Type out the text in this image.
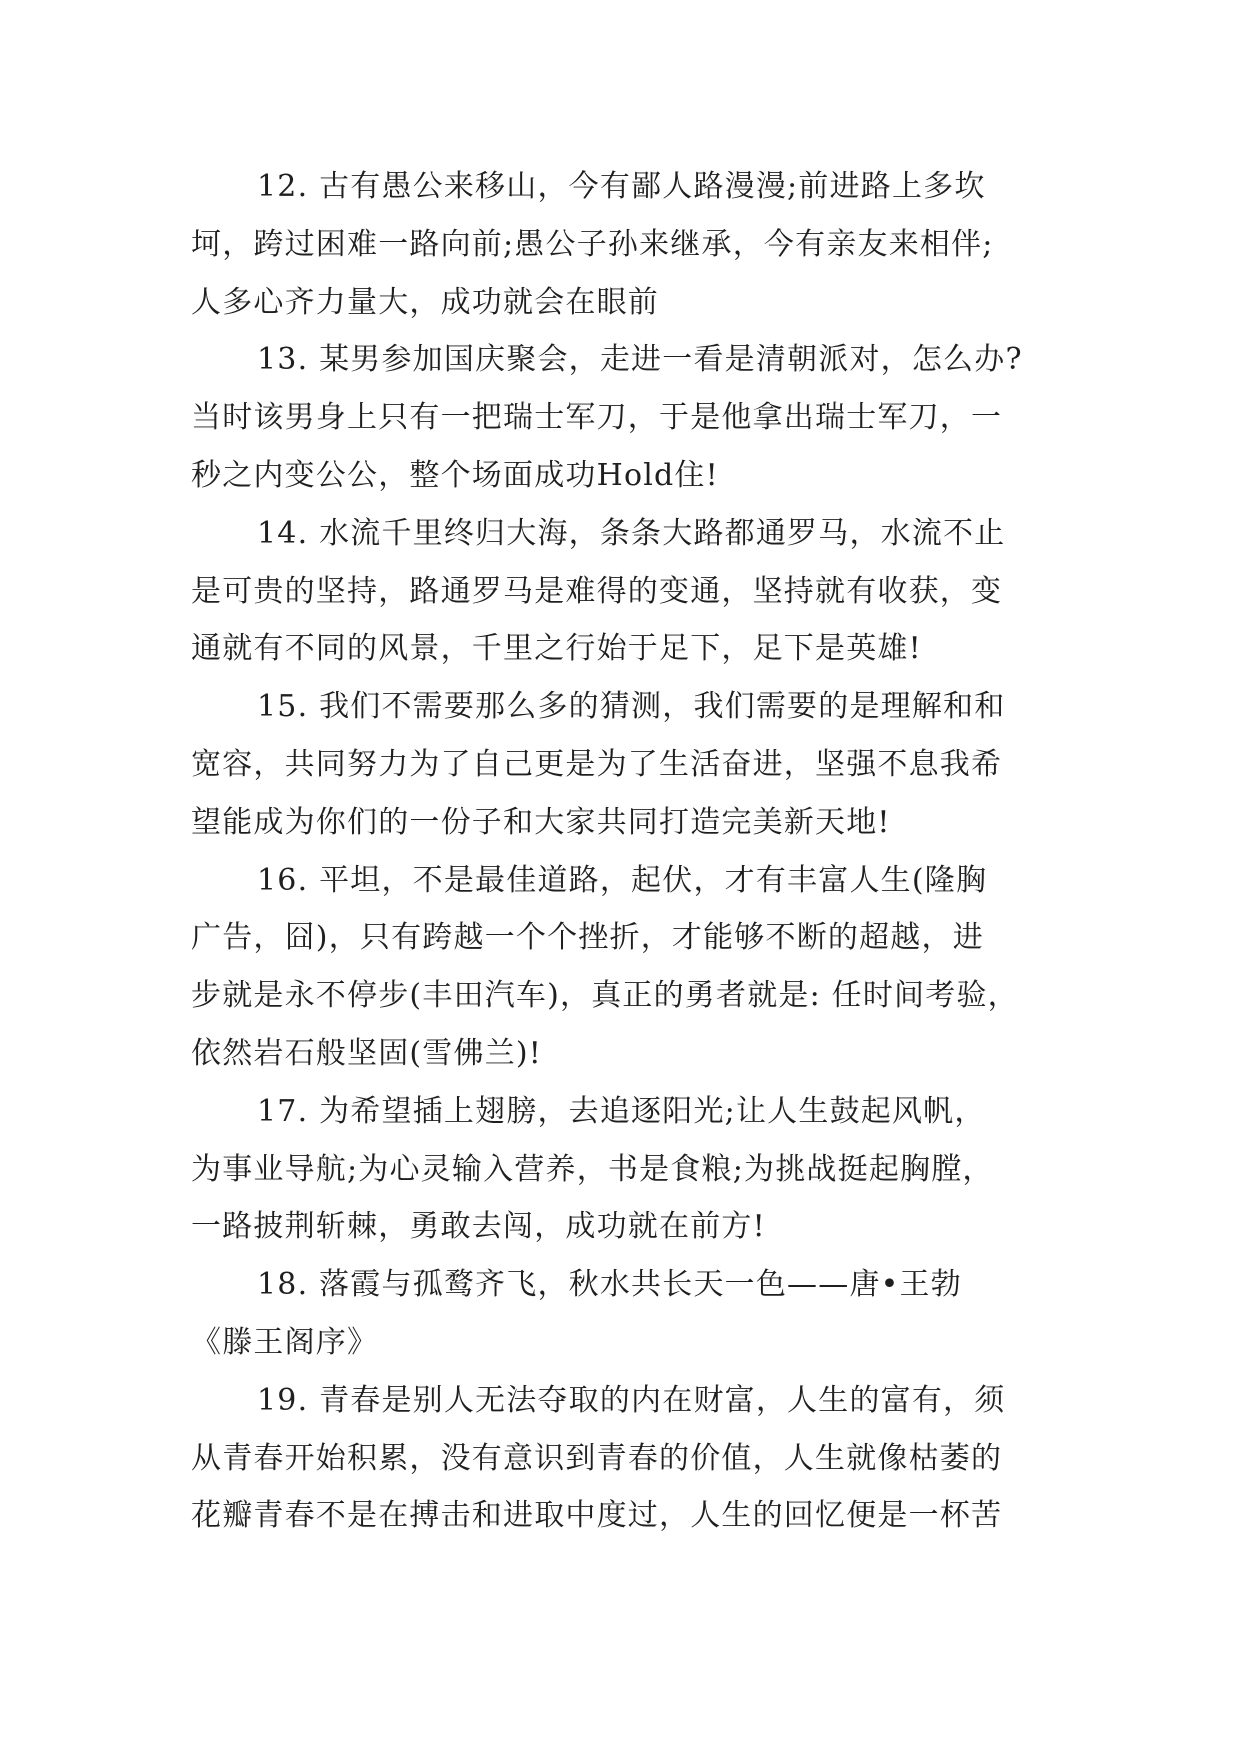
12. 古有愚公来移山，今有鄙人路漫漫;前进路上多坎
坷，跨过困难一路向前;愚公子孙来继承，今有亲友来相伴;
人多心齐力量大，成功就会在眼前
13. 某男参加国庆聚会，走进一看是清朝派对，怎么办?
当时该男身上只有一把瑞士军刀，于是他拿出瑞士军刀，一
秒之内变公公，整个场面成功Hold住!
14. 水流千里终归大海，条条大路都通罗马，水流不止
是可贵的坚持，路通罗马是难得的变通，坚持就有收获，变
通就有不同的风景，千里之行始于足下，足下是英雄!
15. 我们不需要那么多的猜测，我们需要的是理解和和
宽容，共同努力为了自己更是为了生活奋进，坚强不息我希
望能成为你们的一份子和大家共同打造完美新天地!
16. 平坦，不是最佳道路，起伏，才有丰富人生(隆胸
广告，囧)，只有跨越一个个挫折，才能够不断的超越，进
步就是永不停步(丰田汽车)，真正的勇者就是: 任时间考验，
依然岩石般坚固(雪佛兰)!
17. 为希望插上翅膀，去追逐阳光;让人生鼓起风帆，
为事业导航;为心灵输入营养，书是食粮;为挑战挺起胸膛，
一路披荆斩棘，勇敢去闯，成功就在前方!
18. 落霞与孤鹜齐飞，秋水共长天一色——唐•王勃
《滕王阁序》
19. 青春是别人无法夺取的内在财富，人生的富有，须
从青春开始积累，没有意识到青春的价值，人生就像枯萎的
花瓣青春不是在搏击和进取中度过，人生的回忆便是一杯苦
